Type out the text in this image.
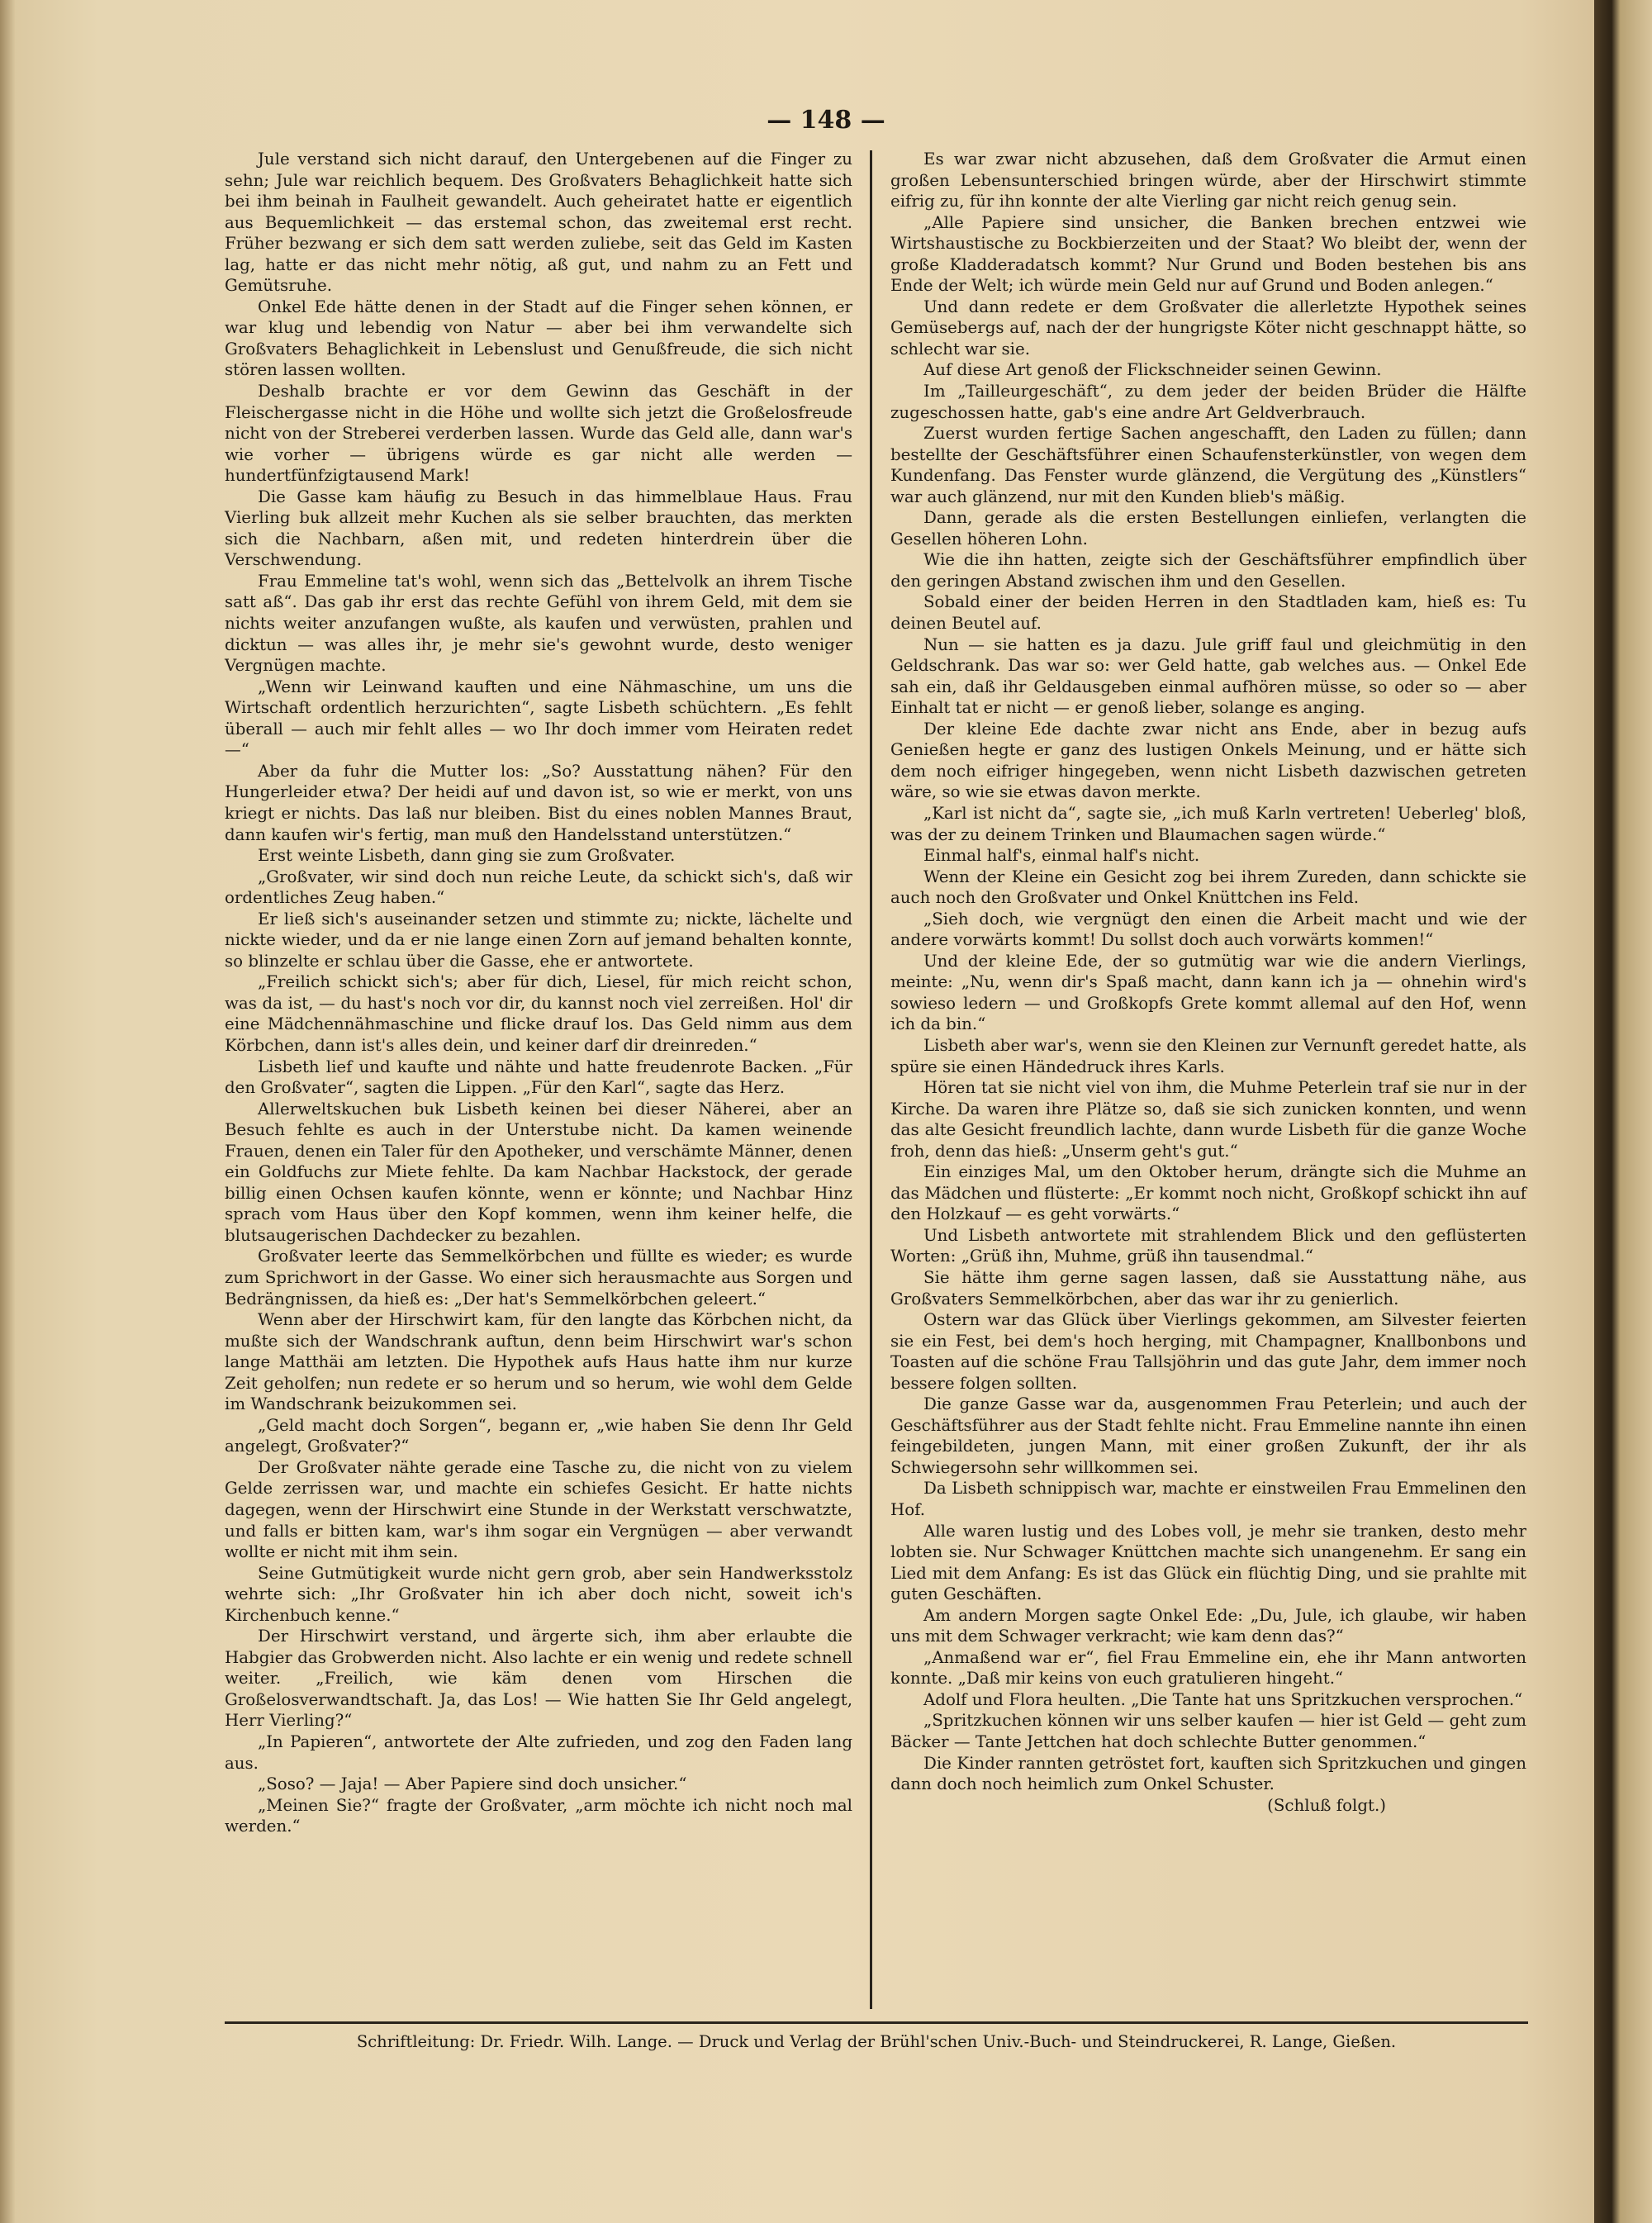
— 148 —

Jule verstand sich nicht darauf, den Untergebenen auf die Finger zu sehn; Jule war reichlich bequem. Des Großvaters Behaglichkeit hatte sich bei ihm beinah in Faulheit gewandelt. Auch geheiratet hatte er eigentlich aus Bequemlichkeit — das erstemal schon, das zweitemal erst recht. Früher bezwang er sich dem satt werden zuliebe, seit das Geld im Kasten lag, hatte er das nicht mehr nötig, aß gut, und nahm zu an Fett und Gemütsruhe.

Onkel Ede hätte denen in der Stadt auf die Finger sehen können, er war klug und lebendig von Natur — aber bei ihm verwandelte sich Großvaters Behaglichkeit in Lebenslust und Genußfreude, die sich nicht stören lassen wollten.

Deshalb brachte er vor dem Gewinn das Geschäft in der Fleischergasse nicht in die Höhe und wollte sich jetzt die Großelosfreude nicht von der Streberei verderben lassen. Wurde das Geld alle, dann war's wie vorher — übrigens würde es gar nicht alle werden — hundertfünfzigtausend Mark!

Die Gasse kam häufig zu Besuch in das himmelblaue Haus. Frau Vierling buk allzeit mehr Kuchen als sie selber brauchten, das merkten sich die Nachbarn, aßen mit, und redeten hinterdrein über die Verschwendung.

Frau Emmeline tat's wohl, wenn sich das „Bettelvolk an ihrem Tische satt aß“. Das gab ihr erst das rechte Gefühl von ihrem Geld, mit dem sie nichts weiter anzufangen wußte, als kaufen und verwüsten, prahlen und dicktun — was alles ihr, je mehr sie's gewohnt wurde, desto weniger Vergnügen machte.

„Wenn wir Leinwand kauften und eine Nähmaschine, um uns die Wirtschaft ordentlich herzurichten“, sagte Lisbeth schüchtern. „Es fehlt überall — auch mir fehlt alles — wo Ihr doch immer vom Heiraten redet —“

Aber da fuhr die Mutter los: „So? Ausstattung nähen? Für den Hungerleider etwa? Der heidi auf und davon ist, so wie er merkt, von uns kriegt er nichts. Das laß nur bleiben. Bist du eines noblen Mannes Braut, dann kaufen wir's fertig, man muß den Handelsstand unterstützen.“

Erst weinte Lisbeth, dann ging sie zum Großvater.

„Großvater, wir sind doch nun reiche Leute, da schickt sich's, daß wir ordentliches Zeug haben.“

Er ließ sich's auseinander setzen und stimmte zu; nickte, lächelte und nickte wieder, und da er nie lange einen Zorn auf jemand behalten konnte, so blinzelte er schlau über die Gasse, ehe er antwortete.

„Freilich schickt sich's; aber für dich, Liesel, für mich reicht schon, was da ist, — du hast's noch vor dir, du kannst noch viel zerreißen. Hol' dir eine Mädchennähmaschine und flicke drauf los. Das Geld nimm aus dem Körbchen, dann ist's alles dein, und keiner darf dir dreinreden.“

Lisbeth lief und kaufte und nähte und hatte freudenrote Backen. „Für den Großvater“, sagten die Lippen. „Für den Karl“, sagte das Herz.

Allerweltskuchen buk Lisbeth keinen bei dieser Näherei, aber an Besuch fehlte es auch in der Unterstube nicht. Da kamen weinende Frauen, denen ein Taler für den Apotheker, und verschämte Männer, denen ein Goldfuchs zur Miete fehlte. Da kam Nachbar Hackstock, der gerade billig einen Ochsen kaufen könnte, wenn er könnte; und Nachbar Hinz sprach vom Haus über den Kopf kommen, wenn ihm keiner helfe, die blutsaugerischen Dachdecker zu bezahlen.

Großvater leerte das Semmelkörbchen und füllte es wieder; es wurde zum Sprichwort in der Gasse. Wo einer sich herausmachte aus Sorgen und Bedrängnissen, da hieß es: „Der hat's Semmelkörbchen geleert.“

Wenn aber der Hirschwirt kam, für den langte das Körbchen nicht, da mußte sich der Wandschrank auftun, denn beim Hirschwirt war's schon lange Matthäi am letzten. Die Hypothek aufs Haus hatte ihm nur kurze Zeit geholfen; nun redete er so herum und so herum, wie wohl dem Gelde im Wandschrank beizukommen sei.

„Geld macht doch Sorgen“, begann er, „wie haben Sie denn Ihr Geld angelegt, Großvater?“

Der Großvater nähte gerade eine Tasche zu, die nicht von zu vielem Gelde zerrissen war, und machte ein schiefes Gesicht. Er hatte nichts dagegen, wenn der Hirschwirt eine Stunde in der Werkstatt verschwatzte, und falls er bitten kam, war's ihm sogar ein Vergnügen — aber verwandt wollte er nicht mit ihm sein.

Seine Gutmütigkeit wurde nicht gern grob, aber sein Handwerksstolz wehrte sich: „Ihr Großvater hin ich aber doch nicht, soweit ich's Kirchenbuch kenne.“

Der Hirschwirt verstand, und ärgerte sich, ihm aber erlaubte die Habgier das Grobwerden nicht. Also lachte er ein wenig und redete schnell weiter. „Freilich, wie käm denen vom Hirschen die Großelosverwandtschaft. Ja, das Los! — Wie hatten Sie Ihr Geld angelegt, Herr Vierling?“

„In Papieren“, antwortete der Alte zufrieden, und zog den Faden lang aus.

„Soso? — Jaja! — Aber Papiere sind doch unsicher.“

„Meinen Sie?“ fragte der Großvater, „arm möchte ich nicht noch mal werden.“

Es war zwar nicht abzusehen, daß dem Großvater die Armut einen großen Lebensunterschied bringen würde, aber der Hirschwirt stimmte eifrig zu, für ihn konnte der alte Vierling gar nicht reich genug sein.

„Alle Papiere sind unsicher, die Banken brechen entzwei wie Wirtshaustische zu Bockbierzeiten und der Staat? Wo bleibt der, wenn der große Kladderadatsch kommt? Nur Grund und Boden bestehen bis ans Ende der Welt; ich würde mein Geld nur auf Grund und Boden anlegen.“

Und dann redete er dem Großvater die allerletzte Hypothek seines Gemüsebergs auf, nach der der hungrigste Köter nicht geschnappt hätte, so schlecht war sie.

Auf diese Art genoß der Flickschneider seinen Gewinn.

Im „Tailleurgeschäft“, zu dem jeder der beiden Brüder die Hälfte zugeschossen hatte, gab's eine andre Art Geldverbrauch.

Zuerst wurden fertige Sachen angeschafft, den Laden zu füllen; dann bestellte der Geschäftsführer einen Schaufensterkünstler, von wegen dem Kundenfang. Das Fenster wurde glänzend, die Vergütung des „Künstlers“ war auch glänzend, nur mit den Kunden blieb's mäßig.

Dann, gerade als die ersten Bestellungen einliefen, verlangten die Gesellen höheren Lohn.

Wie die ihn hatten, zeigte sich der Geschäftsführer empfindlich über den geringen Abstand zwischen ihm und den Gesellen.

Sobald einer der beiden Herren in den Stadtladen kam, hieß es: Tu deinen Beutel auf.

Nun — sie hatten es ja dazu. Jule griff faul und gleichmütig in den Geldschrank. Das war so: wer Geld hatte, gab welches aus. — Onkel Ede sah ein, daß ihr Geldausgeben einmal aufhören müsse, so oder so — aber Einhalt tat er nicht — er genoß lieber, solange es anging.

Der kleine Ede dachte zwar nicht ans Ende, aber in bezug aufs Genießen hegte er ganz des lustigen Onkels Meinung, und er hätte sich dem noch eifriger hingegeben, wenn nicht Lisbeth dazwischen getreten wäre, so wie sie etwas davon merkte.

„Karl ist nicht da“, sagte sie, „ich muß Karln vertreten! Ueberleg' bloß, was der zu deinem Trinken und Blaumachen sagen würde.“

Einmal half's, einmal half's nicht.

Wenn der Kleine ein Gesicht zog bei ihrem Zureden, dann schickte sie auch noch den Großvater und Onkel Knüttchen ins Feld.

„Sieh doch, wie vergnügt den einen die Arbeit macht und wie der andere vorwärts kommt! Du sollst doch auch vorwärts kommen!“

Und der kleine Ede, der so gutmütig war wie die andern Vierlings, meinte: „Nu, wenn dir's Spaß macht, dann kann ich ja — ohnehin wird's sowieso ledern — und Großkopfs Grete kommt allemal auf den Hof, wenn ich da bin.“

Lisbeth aber war's, wenn sie den Kleinen zur Vernunft geredet hatte, als spüre sie einen Händedruck ihres Karls.

Hören tat sie nicht viel von ihm, die Muhme Peterlein traf sie nur in der Kirche. Da waren ihre Plätze so, daß sie sich zunicken konnten, und wenn das alte Gesicht freundlich lachte, dann wurde Lisbeth für die ganze Woche froh, denn das hieß: „Unserm geht's gut.“

Ein einziges Mal, um den Oktober herum, drängte sich die Muhme an das Mädchen und flüsterte: „Er kommt noch nicht, Großkopf schickt ihn auf den Holzkauf — es geht vorwärts.“

Und Lisbeth antwortete mit strahlendem Blick und den geflüsterten Worten: „Grüß ihn, Muhme, grüß ihn tausendmal.“

Sie hätte ihm gerne sagen lassen, daß sie Ausstattung nähe, aus Großvaters Semmelkörbchen, aber das war ihr zu genierlich.

Ostern war das Glück über Vierlings gekommen, am Silvester feierten sie ein Fest, bei dem's hoch herging, mit Champagner, Knallbonbons und Toasten auf die schöne Frau Tallsjöhrin und das gute Jahr, dem immer noch bessere folgen sollten.

Die ganze Gasse war da, ausgenommen Frau Peterlein; und auch der Geschäftsführer aus der Stadt fehlte nicht. Frau Emmeline nannte ihn einen feingebildeten, jungen Mann, mit einer großen Zukunft, der ihr als Schwiegersohn sehr willkommen sei.

Da Lisbeth schnippisch war, machte er einstweilen Frau Emmelinen den Hof.

Alle waren lustig und des Lobes voll, je mehr sie tranken, desto mehr lobten sie. Nur Schwager Knüttchen machte sich unangenehm. Er sang ein Lied mit dem Anfang: Es ist das Glück ein flüchtig Ding, und sie prahlte mit guten Geschäften.

Am andern Morgen sagte Onkel Ede: „Du, Jule, ich glaube, wir haben uns mit dem Schwager verkracht; wie kam denn das?“

„Anmaßend war er“, fiel Frau Emmeline ein, ehe ihr Mann antworten konnte. „Daß mir keins von euch gratulieren hingeht.“

Adolf und Flora heulten. „Die Tante hat uns Spritzkuchen versprochen.“

„Spritzkuchen können wir uns selber kaufen — hier ist Geld — geht zum Bäcker — Tante Jettchen hat doch schlechte Butter genommen.“

Die Kinder rannten getröstet fort, kauften sich Spritzkuchen und gingen dann doch noch heimlich zum Onkel Schuster.

(Schluß folgt.)

Schriftleitung: Dr. Friedr. Wilh. Lange. — Druck und Verlag der Brühl'schen Univ.-Buch- und Steindruckerei, R. Lange, Gießen.
